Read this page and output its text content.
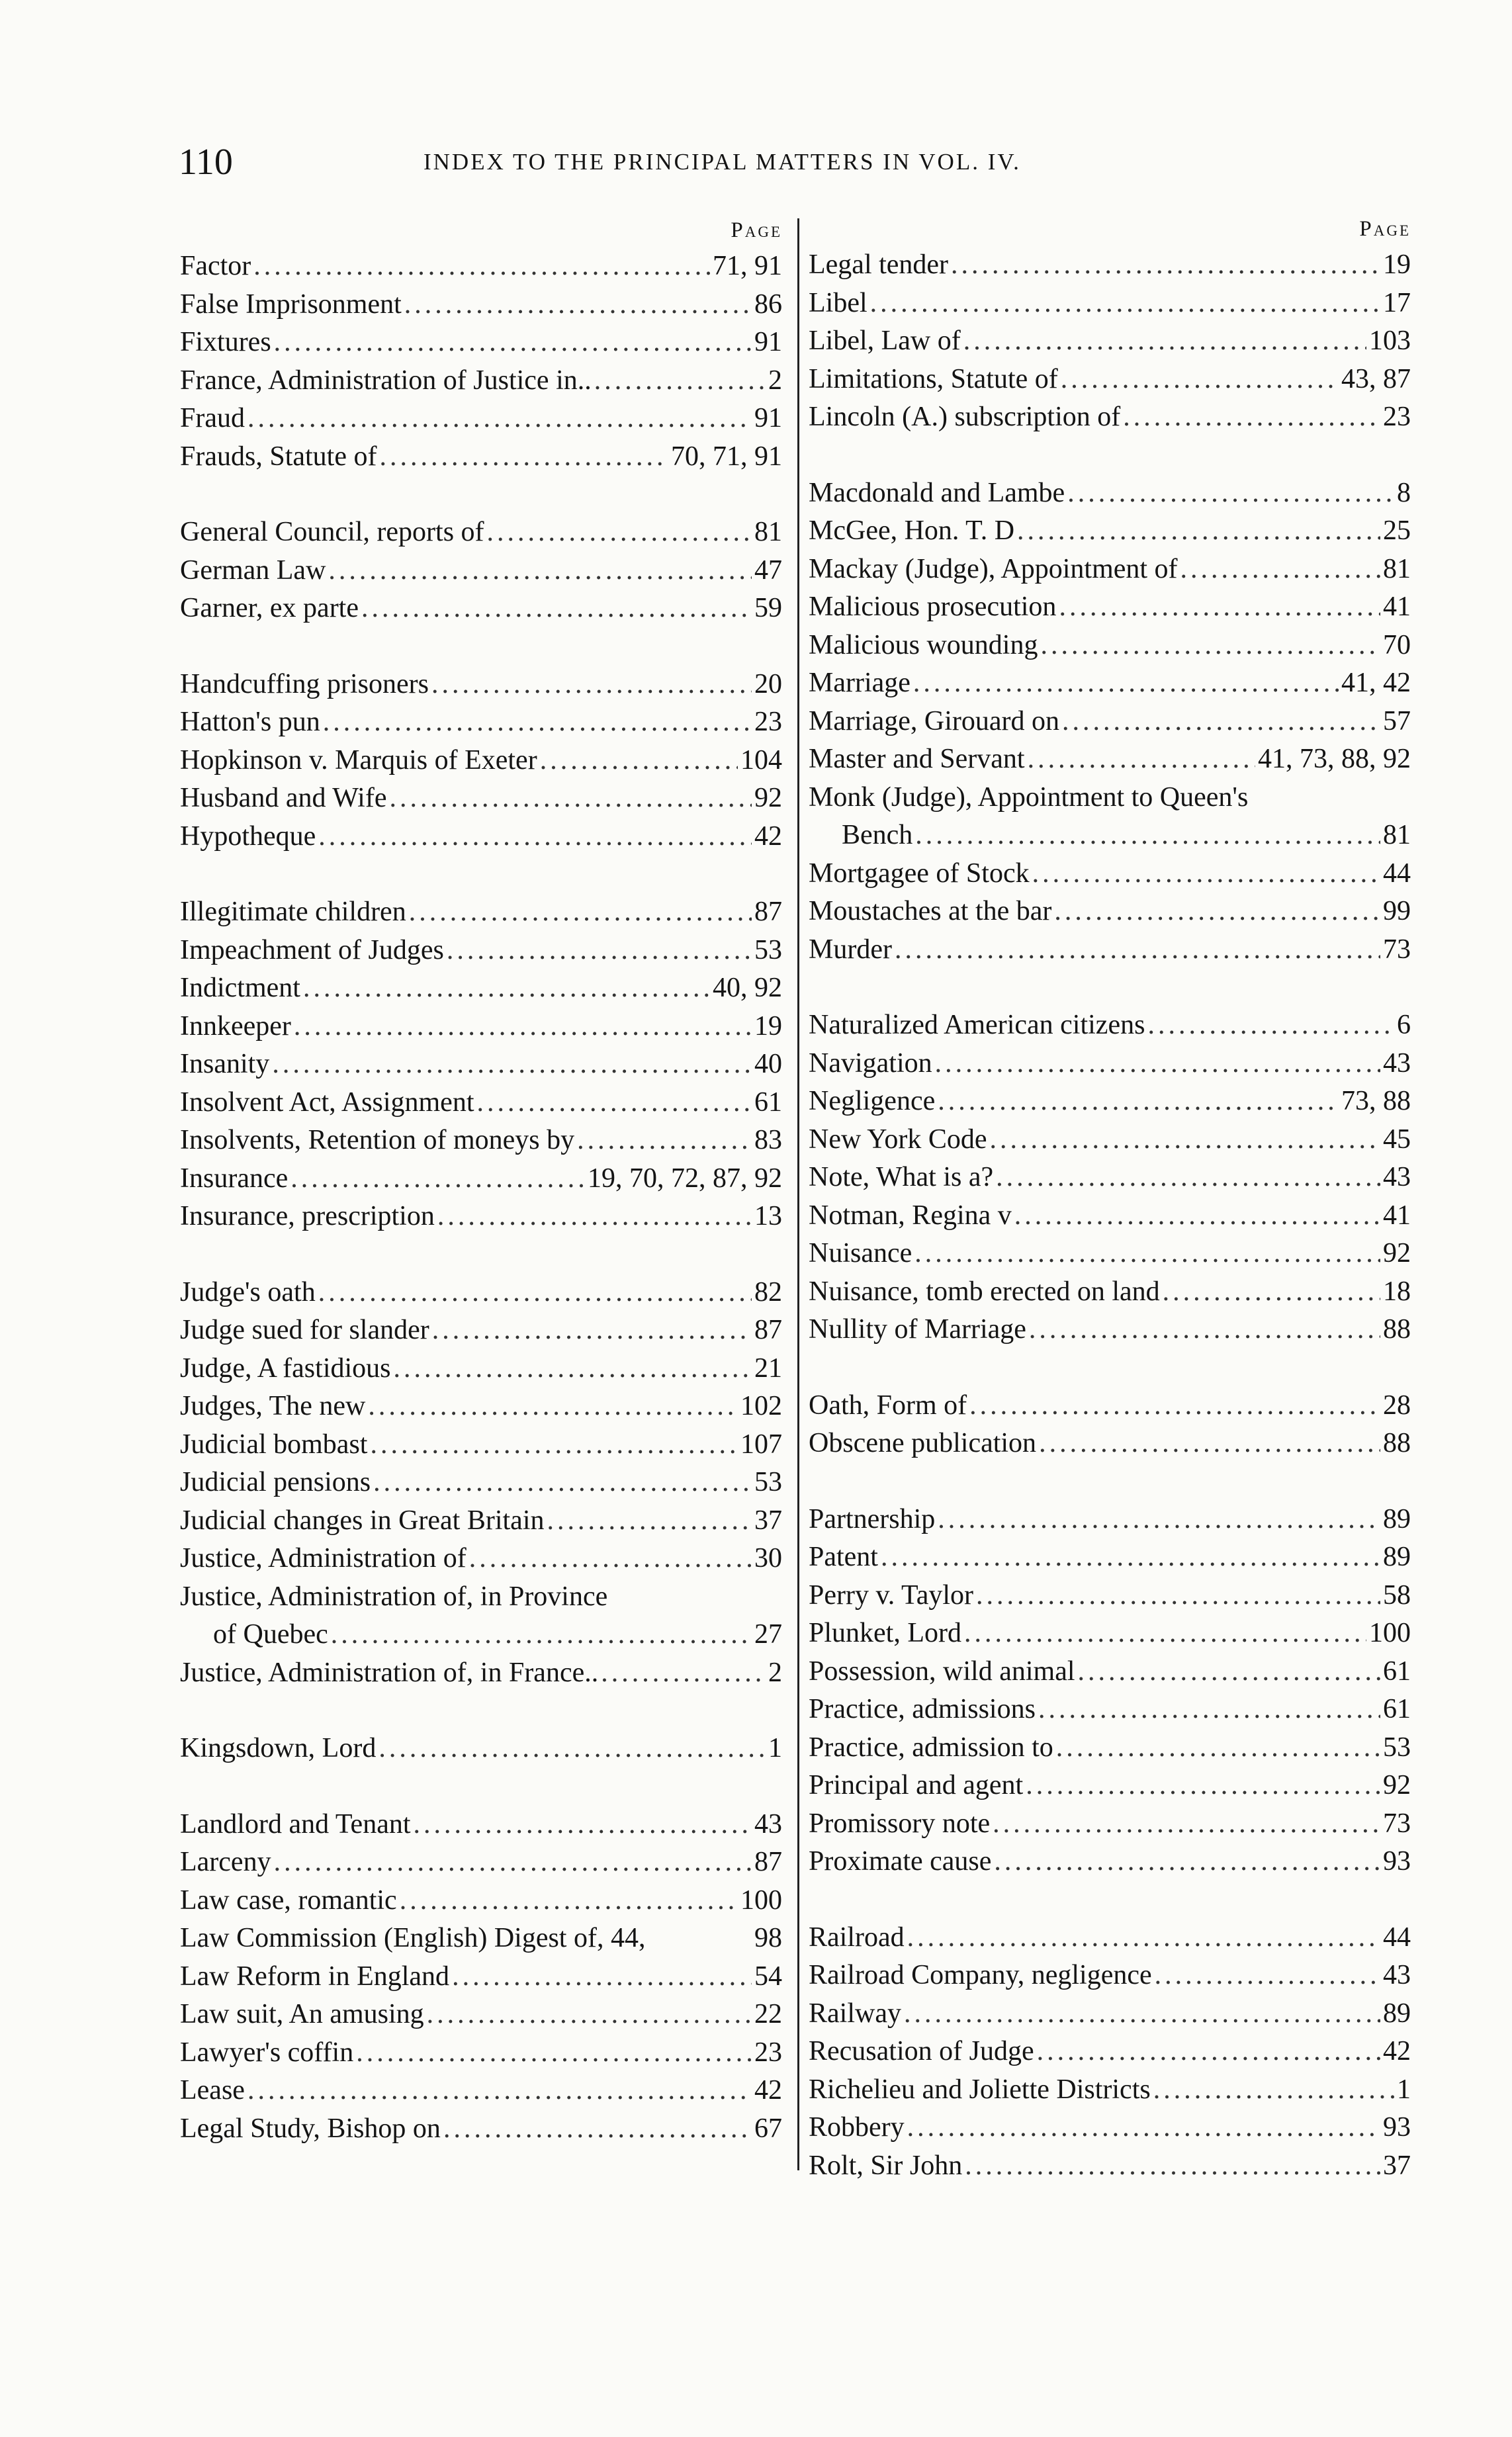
110	INDEX TO THE PRINCIPAL MATTERS IN VOL. IV.
Page
Factor .....	71, 91
False Imprisonment .....	86
Fixtures .....	91
France, Administration of Justice in.. .....	2
Fraud .....	91
Frauds, Statute of .....	70, 71, 91
General Council, reports of .....	81
German Law .....	47
Garner, ex parte .....	59
Handcuffing prisoners .....	20
Hatton's pun .....	23
Hopkinson v. Marquis of Exeter .....	104
Husband and Wife .....	92
Hypotheque .....	42
Illegitimate children .....	87
Impeachment of Judges .....	53
Indictment .....	40, 92
Innkeeper .....	19
Insanity .....	40
Insolvent Act, Assignment .....	61
Insolvents, Retention of moneys by .....	83
Insurance .....	19, 70, 72, 87, 92
Insurance, prescription .....	13
Judge's oath .....	82
Judge sued for slander .....	87
Judge, A fastidious .....	21
Judges, The new .....	102
Judicial bombast .....	107
Judicial pensions .....	53
Judicial changes in Great Britain .....	37
Justice, Administration of .....	30
Justice, Administration of, in Province
of Quebec .....	27
Justice, Administration of, in France.. .....	2
Kingsdown, Lord .....	1
Landlord and Tenant .....	43
Larceny .....	87
Law case, romantic .....	100
Law Commission (English) Digest of, 44,	98
Law Reform in England .....	54
Law suit, An amusing .....	22
Lawyer's coffin .....	23
Lease .....	42
Legal Study, Bishop on .....	67
Page
Legal tender .....	19
Libel .....	17
Libel, Law of .....	103
Limitations, Statute of .....	43, 87
Lincoln (A.) subscription of .....	23
Macdonald and Lambe .....	8
McGee, Hon. T. D .....	25
Mackay (Judge), Appointment of .....	81
Malicious prosecution .....	41
Malicious wounding .....	70
Marriage .....	41, 42
Marriage, Girouard on .....	57
Master and Servant .....	41, 73, 88, 92
Monk (Judge), Appointment to Queen's
Bench .....	81
Mortgagee of Stock .....	44
Moustaches at the bar .....	99
Murder .....	73
Naturalized American citizens .....	6
Navigation .....	43
Negligence .....	73, 88
New York Code .....	45
Note, What is a? .....	43
Notman, Regina v .....	41
Nuisance .....	92
Nuisance, tomb erected on land .....	18
Nullity of Marriage .....	88
Oath, Form of .....	28
Obscene publication .....	88
Partnership .....	89
Patent .....	89
Perry v. Taylor .....	58
Plunket, Lord .....	100
Possession, wild animal .....	61
Practice, admissions .....	61
Practice, admission to .....	53
Principal and agent .....	92
Promissory note .....	73
Proximate cause .....	93
Railroad .....	44
Railroad Company, negligence .....	43
Railway .....	89
Recusation of Judge .....	42
Richelieu and Joliette Districts .....	1
Robbery .....	93
Rolt, Sir John .....	37
